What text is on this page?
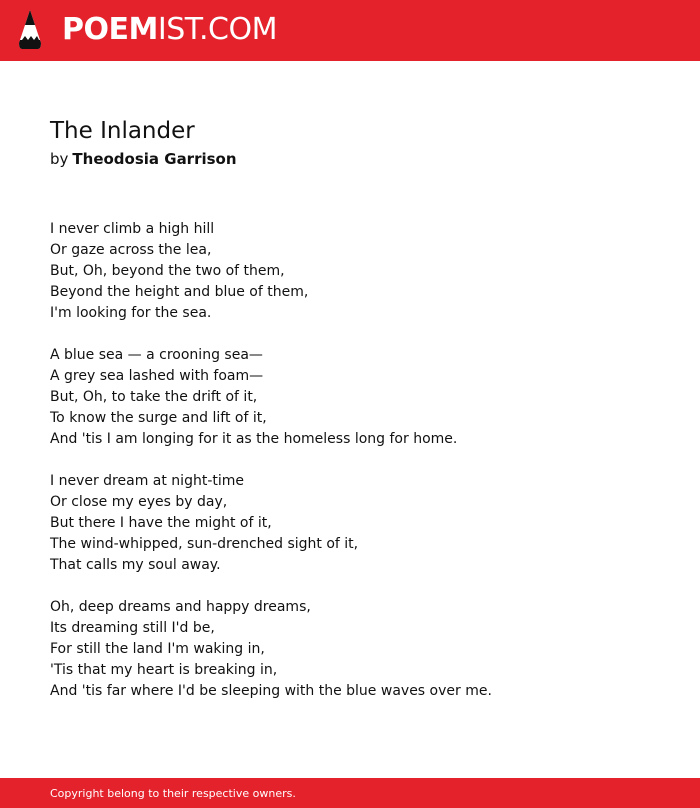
POEMIST.COM
The Inlander
by Theodosia Garrison
I never climb a high hill
Or gaze across the lea,
But, Oh, beyond the two of them,
Beyond the height and blue of them,
I'm looking for the sea.
A blue sea — a crooning sea—
A grey sea lashed with foam—
But, Oh, to take the drift of it,
To know the surge and lift of it,
And 'tis I am longing for it as the homeless long for home.
I never dream at night-time
Or close my eyes by day,
But there I have the might of it,
The wind-whipped, sun-drenched sight of it,
That calls my soul away.
Oh, deep dreams and happy dreams,
Its dreaming still I'd be,
For still the land I'm waking in,
'Tis that my heart is breaking in,
And 'tis far where I'd be sleeping with the blue waves over me.
Copyright belong to their respective owners.
